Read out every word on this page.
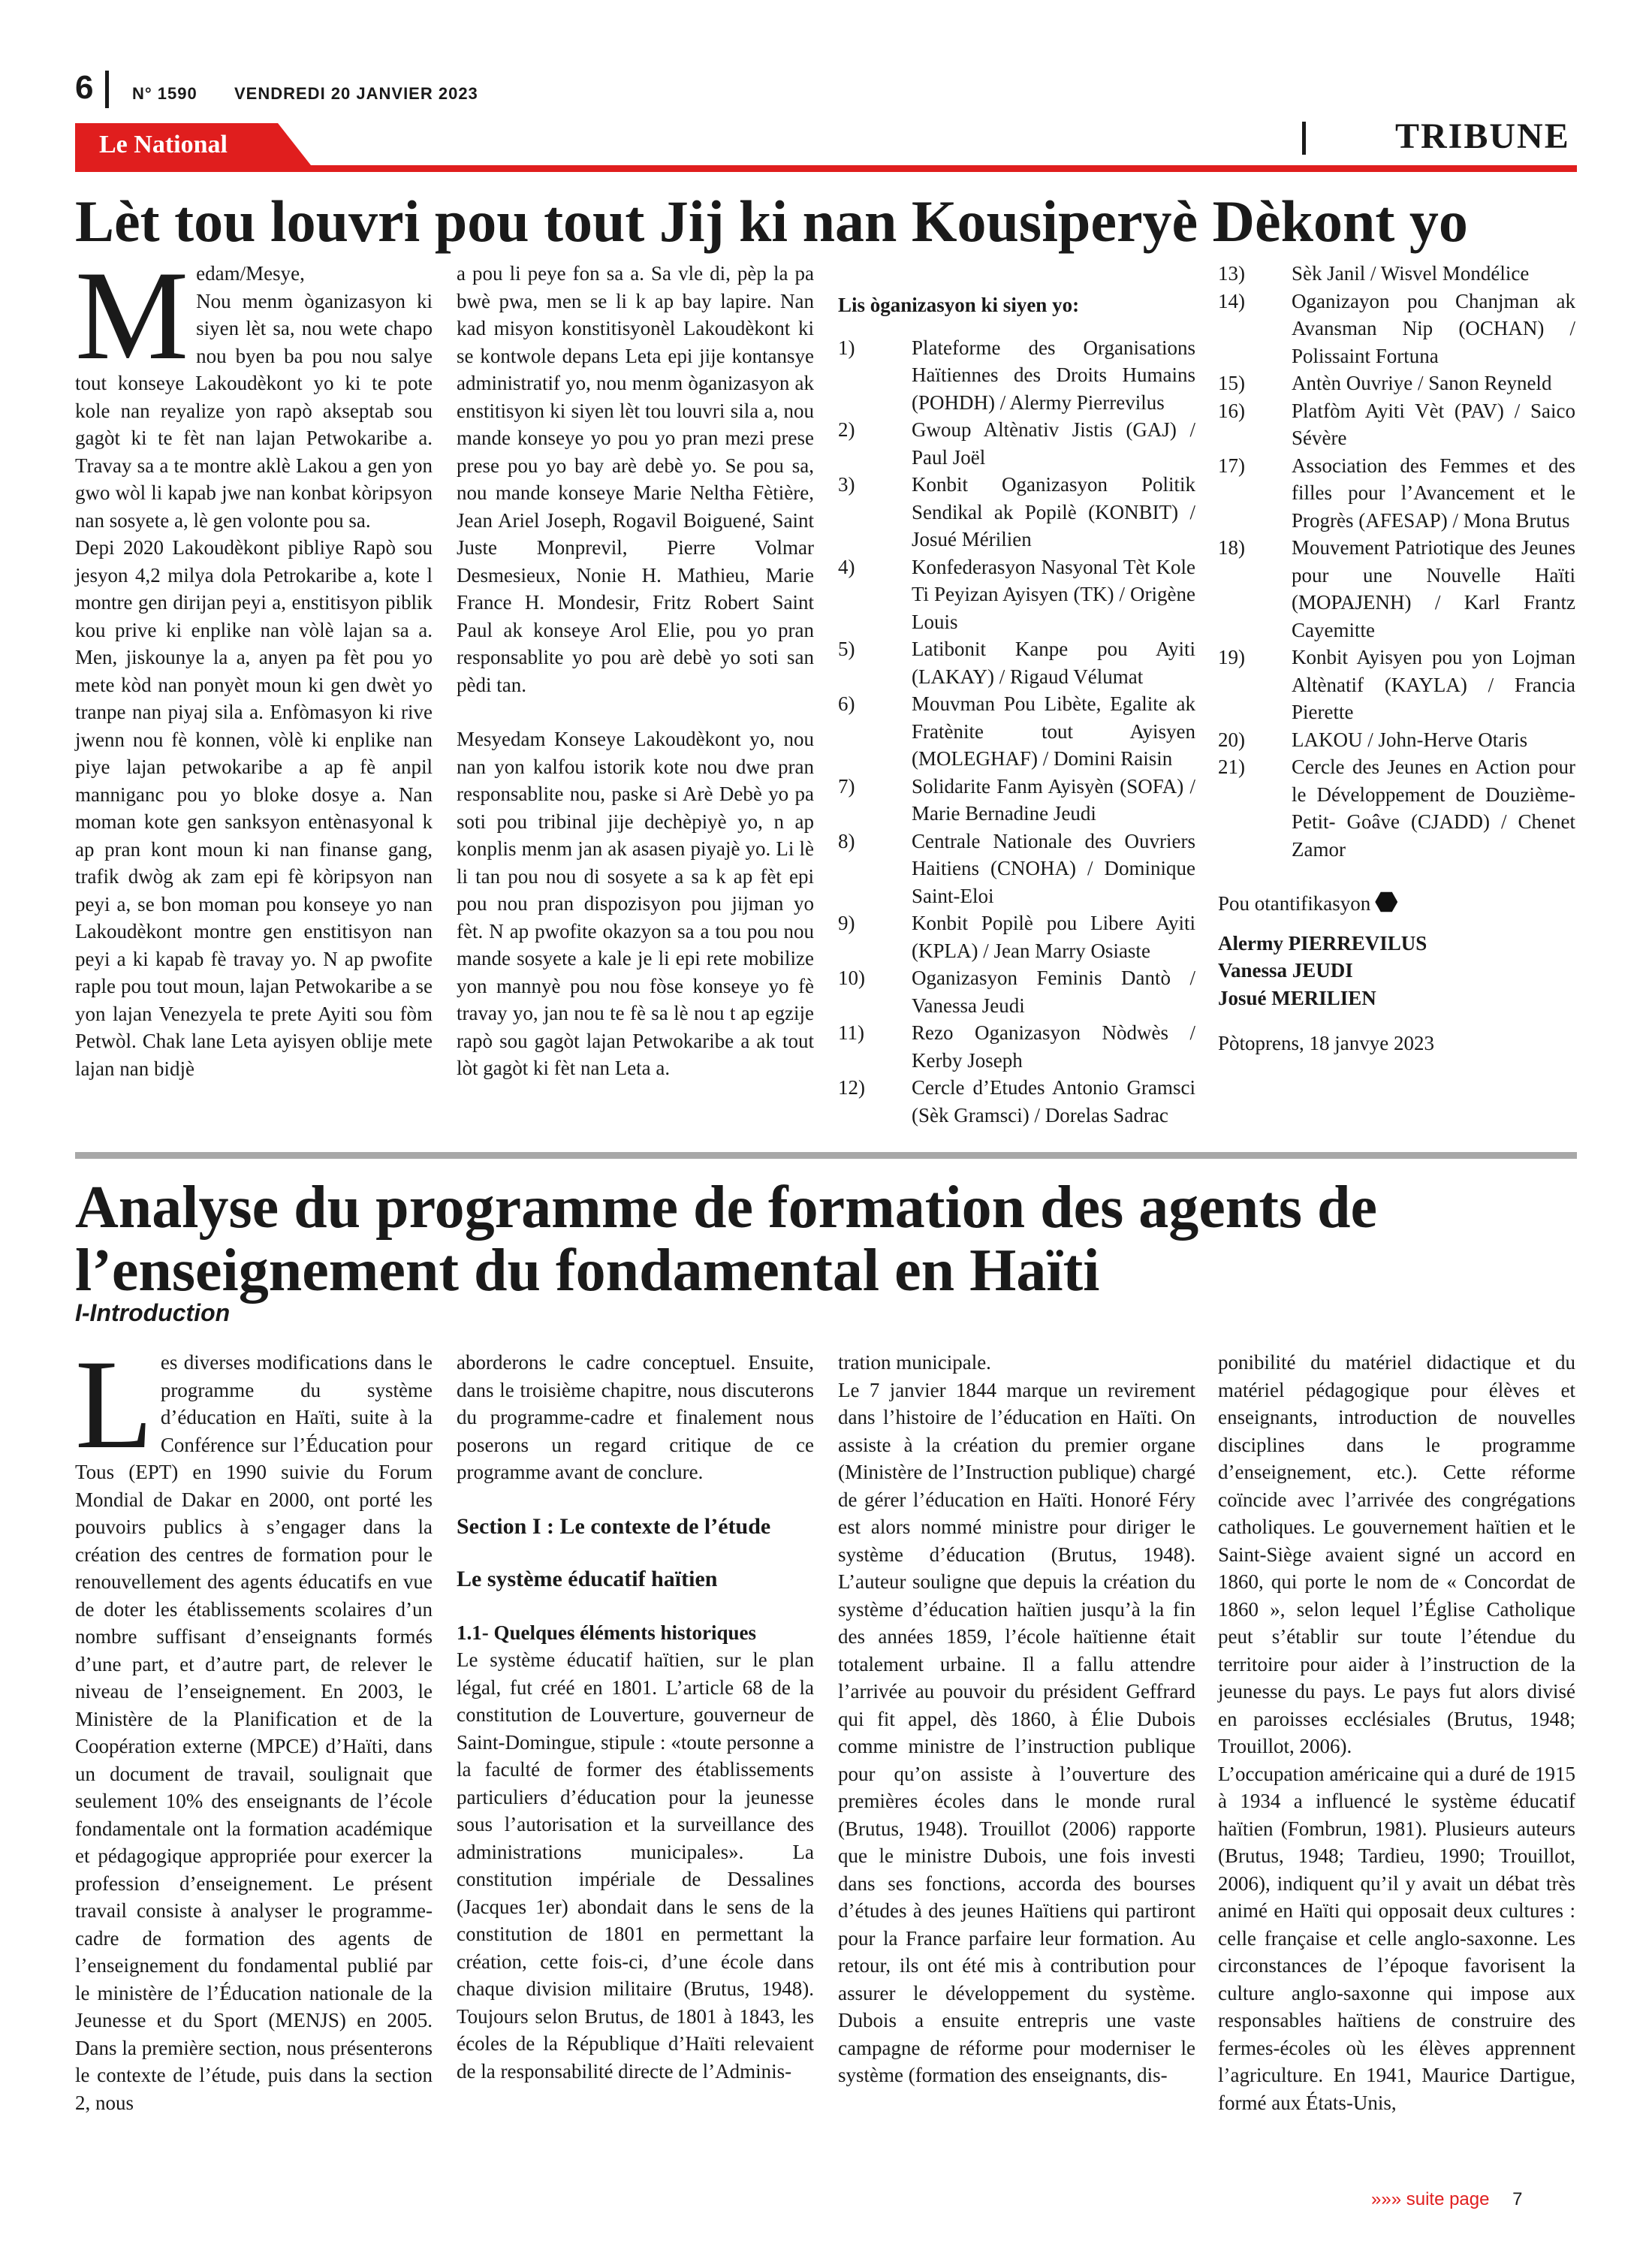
6 N° 1590 VENDREDI 20 JANVIER 2023
Le National	TRIBUNE
Lèt tou louvri pou tout Jij ki nan Kousiperyè Dèkont yo
M edam/Mesye,

Nou menm òganizasyon ki siyen lèt sa, nou wete chapo nou byen ba pou nou salye tout konseye Lakoudèkont yo ki te pote kole nan reyalize yon rapò akseptab sou gagòt ki te fèt nan lajan Petwokaribe a. Travay sa a te montre aklè Lakou a gen yon gwo wòl li kapab jwe nan konbat kòripsyon nan sosyete a, lè gen volonte pou sa.

Depi 2020 Lakoudèkont pibliye Rapò sou jesyon 4,2 milya dola Petrokaribe a, kote l montre gen dirijan peyi a, enstitisyon piblik kou prive ki enplike nan vòlè lajan sa a. Men, jiskounye la a, anyen pa fèt pou yo mete kòd nan ponyèt moun ki gen dwèt yo tranpe nan piyaj sila a. Enfòmasyon ki rive jwenn nou fè konnen, vòlè ki enplike nan piye lajan petwokaribe a ap fè anpil manniganс pou yo bloke dosye a. Nan moman kote gen sanksyon entènasyonal k ap pran kont moun ki nan finanse gang, trafik dwòg ak zam epi fè kòripsyon nan peyi a, se bon moman pou konseye yo nan Lakoudèkont montre gen enstitisyon nan peyi a ki kapab fè travay yo. N ap pwofite raple pou tout moun, lajan Petwokaribe a se yon lajan Venezyela te prete Ayiti sou fòm Petwòl. Chak lane Leta ayisyen oblije mete lajan nan bidjè

a pou li peye fon sa a. Sa vle di, pèp la pa bwè pwa, men se li k ap bay lapire. Nan kad misyon konstitisyonèl Lakoudèkont ki se kontwole depans Leta epi jije kontansye administratif yo, nou menm òganizasyon ak enstitisyon ki siyen lèt tou louvri sila a, nou mande konseye yo pou yo pran mezi prese prese pou yo bay arè debè yo. Se pou sa, nou mande konseye Marie Neltha Fètière, Jean Ariel Joseph, Rogavil Boiguené, Saint Juste Monprevil, Pierre Volmar Desmesieux, Nonie H. Mathieu, Marie France H. Mondesir, Fritz Robert Saint Paul ak konseye Arol Elie, pou yo pran responsablite yo pou arè debè yo soti san pèdi tan.

Mesyedam Konseye Lakoudèkont yo, nou nan yon kalfou istorik kote nou dwe pran responsablite nou, paske si Arè Debè yo pa soti pou tribinal jije dechèpiyè yo, n ap konplis menm jan ak asasen piyajè yo. Li lè li tan pou nou di sosyete a sa k ap fèt epi pou nou pran dispozisyon pou jijman yo fèt. N ap pwofite okazyon sa a tou pou nou mande sosyete a kale je li epi rete mobilize yon mannyè pou nou fòse konseye yo fè travay yo, jan nou te fè sa lè nou t ap egzije rapò sou gagòt lajan Petwokaribe a ak tout lòt gagòt ki fèt nan Leta a.

Lis òganizasyon ki siyen yo:

1)	Plateforme des Organisations Haïtiennes des Droits Humains (POHDH) / Alermy Pierrevilus
2)	Gwoup Altènativ Jistis (GAJ) / Paul Joël
3)	Konbit Oganizasyon Politik Sendikal ak Popilè (KONBIT) / Josué Mérilien
4)	Konfederasyon Nasyonal Tèt Kole Ti Peyizan Ayisyen (TK) / Origène Louis
5)	Latibonit Kanpe pou Ayiti (LAKAY) / Rigaud Vélumat
6)	Mouvman Pou Libète, Egalite ak Fratènite tout Ayisyen (MOLEGHAF) / Domini Raisin
7)	Solidarite Fanm Ayisyèn (SOFA) / Marie Bernadine Jeudi
8)	Centrale Nationale des Ouvriers Haitiens (CNOHA) / Dominique Saint-Eloi
9)	Konbit Popilè pou Libere Ayiti (KPLA) / Jean Marry Osiaste
10)	Oganizasyon Feminis Dantò / Vanessa Jeudi
11)	Rezo Oganizasyon Nòdwès / Kerby Joseph
12)	Cercle d’Etudes Antonio Gramsci (Sèk Gramsci) / Dorelas Sadrac
13)	Sèk Janil / Wisvel Mondélice
14)	Oganizayon pou Chanjman ak Avansman Nip (OCHAN) / Polissaint Fortuna
15)	Antèn Ouvriye / Sanon Reyneld
16)	Platfòm Ayiti Vèt (PAV) / Saico Sévère
17)	Association des Femmes et des filles pour l’Avancement et le Progrès (AFESAP) / Mona Brutus
18)	Mouvement Patriotique des Jeunes pour une Nouvelle Haïti (MOPAJENH) / Karl Frantz Cayemitte
19)	Konbit Ayisyen pou yon Lojman Altènatif (KAYLA) / Francia Pierette
20)	LAKOU / John-Herve Otaris
21)	Cercle des Jeunes en Action pour le Développement de Douzième-Petit- Goâve (CJADD) / Chenet Zamor

Pou otantifikasyon

Alermy PIERREVILUS

Vanessa JEUDI

Josué MERILIEN

Pòtoprens, 18 janvye 2023

Analyse du programme de formation des agents de l’enseignement du fondamental en Haïti
I-Introduction
L es diverses modifications dans le programme du système d’éducation en Haïti, suite à la Conférence sur l’Éducation pour Tous (EPT) en 1990 suivie du Forum Mondial de Dakar en 2000, ont porté les pouvoirs publics à s’engager dans la création des centres de formation pour le renouvellement des agents éducatifs en vue de doter les établissements scolaires d’un nombre suffisant d’enseignants formés d’une part, et d’autre part, de relever le niveau de l’enseignement. En 2003, le Ministère de la Planification et de la Coopération externe (MPCE) d’Haïti, dans un document de travail, soulignait que seulement 10% des enseignants de l’école fondamentale ont la formation académique et pédagogique appropriée pour exercer la profession d’enseignement. Le présent travail consiste à analyser le programme-cadre de formation des agents de l’enseignement du fondamental publié par le ministère de l’Éducation nationale de la Jeunesse et du Sport (MENJS) en 2005. Dans la première section, nous présenterons le contexte de l’étude, puis dans la section 2, nous

aborderons le cadre conceptuel. Ensuite, dans le troisième chapitre, nous discuterons du programme-cadre et finalement nous poserons un regard critique de ce programme avant de conclure.

Section I : Le contexte de l’étude

Le système éducatif haïtien

1.1- Quelques éléments historiques

Le système éducatif haïtien, sur le plan légal, fut créé en 1801. L’article 68 de la constitution de Louverture, gouverneur de Saint-Domingue, stipule : «toute personne a la faculté de former des établissements particuliers d’éducation pour la jeunesse sous l’autorisation et la surveillance des administrations municipales». La constitution impériale de Dessalines (Jacques 1er) abondait dans le sens de la constitution de 1801 en permettant la création, cette fois-ci, d’une école dans chaque division militaire (Brutus, 1948). Toujours selon Brutus, de 1801 à 1843, les écoles de la République d’Haïti relevaient de la responsabilité directe de l’Adminis-

tration municipale.

Le 7 janvier 1844 marque un revirement dans l’histoire de l’éducation en Haïti. On assiste à la création du premier organe (Ministère de l’Instruction publique) chargé de gérer l’éducation en Haïti. Honoré Féry est alors nommé ministre pour diriger le système d’éducation (Brutus, 1948). L’auteur souligne que depuis la création du système d’éducation haïtien jusqu’à la fin des années 1859, l’école haïtienne était totalement urbaine. Il a fallu attendre l’arrivée au pouvoir du président Geffrard qui fit appel, dès 1860, à Élie Dubois comme ministre de l’instruction publique pour qu’on assiste à l’ouverture des premières écoles dans le monde rural (Brutus, 1948). Trouillot (2006) rapporte que le ministre Dubois, une fois investi dans ses fonctions, accorda des bourses d’études à des jeunes Haïtiens qui partiront pour la France parfaire leur formation. Au retour, ils ont été mis à contribution pour assurer le développement du système. Dubois a ensuite entrepris une vaste campagne de réforme pour moderniser le système (formation des enseignants, dis-

ponibilité du matériel didactique et du matériel pédagogique pour élèves et enseignants, introduction de nouvelles disciplines dans le programme d’enseignement, etc.). Cette réforme coïncide avec l’arrivée des congrégations catholiques. Le gouvernement haïtien et le Saint-Siège avaient signé un accord en 1860, qui porte le nom de « Concordat de 1860 », selon lequel l’Église Catholique peut s’établir sur toute l’étendue du territoire pour aider à l’instruction de la jeunesse du pays. Le pays fut alors divisé en paroisses ecclésiales (Brutus, 1948; Trouillot, 2006).

L’occupation américaine qui a duré de 1915 à 1934 a influencé le système éducatif haïtien (Fombrun, 1981). Plusieurs auteurs (Brutus, 1948; Tardieu, 1990; Trouillot, 2006), indiquent qu’il y avait un débat très animé en Haïti qui opposait deux cultures : celle française et celle anglo-saxonne. Les circonstances de l’époque favorisent la culture anglo-saxonne qui impose aux responsables haïtiens de construire des fermes-écoles où les élèves apprennent l’agriculture. En 1941, Maurice Dartigue, formé aux États-Unis,

»»» suite page 7
